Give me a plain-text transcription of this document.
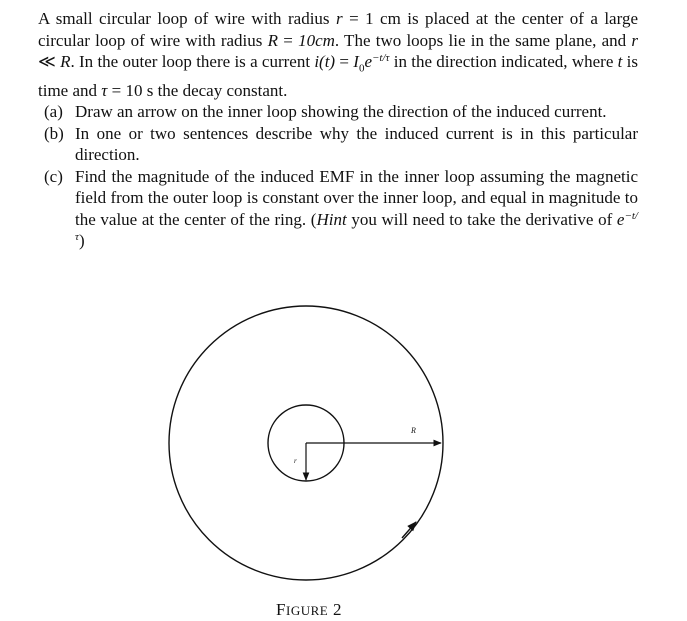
A small circular loop of wire with radius r = 1 cm is placed at the center of a large circular loop of wire with radius R = 10cm. The two loops lie in the same plane, and r ≪ R. In the outer loop there is a current $i(t) = I_0e^{-t/\tau}$ in the direction indicated, where t is time and τ = 10 s the decay constant.

(a) Draw an arrow on the inner loop showing the direction of the induced current.
(b) In one or two sentences describe why the induced current is in this particular direction.
(c) Find the magnitude of the induced EMF in the inner loop assuming the magnetic field from the outer loop is constant over the inner loop, and equal in magnitude to the value at the center of the ring. (Hint you will need to take the derivative of $e^{-t/\tau}$)
R
r
FIGURE 2
